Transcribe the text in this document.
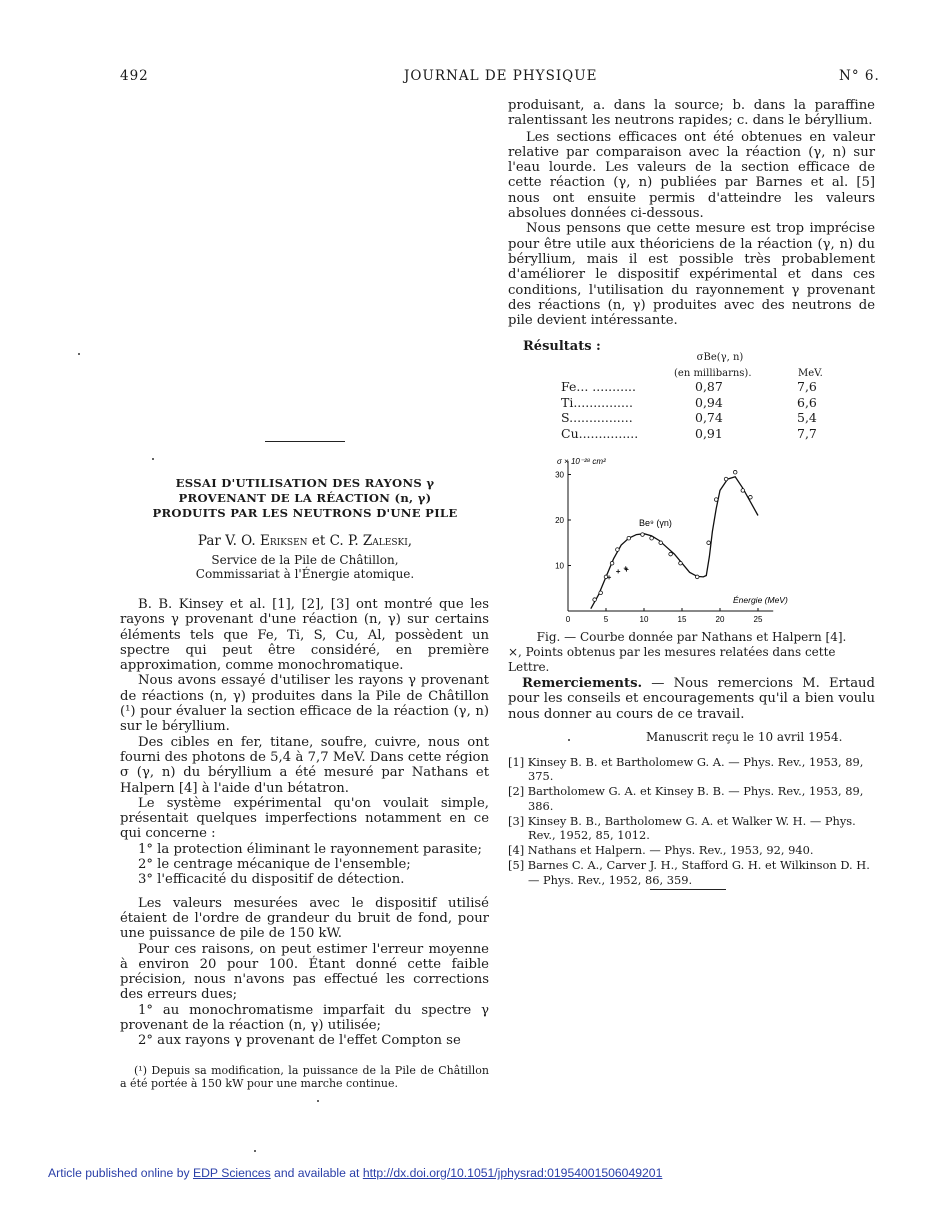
492	JOURNAL DE PHYSIQUE	N° 6.
ESSAI D'UTILISATION DES RAYONS γ
PROVENANT DE LA RÉACTION (n, γ)
PRODUITS PAR LES NEUTRONS D'UNE PILE
Par V. O. Eriksen et C. P. Zaleski,
Service de la Pile de Châtillon,
Commissariat à l'Énergie atomique.

B. B. Kinsey et al. [1], [2], [3] ont montré que les rayons γ provenant d'une réaction (n, γ) sur certains éléments tels que Fe, Ti, S, Cu, Al, possèdent un spectre qui peut être considéré, en première approximation, comme monochromatique.

Nous avons essayé d'utiliser les rayons γ provenant de réactions (n, γ) produites dans la Pile de Châtillon (¹) pour évaluer la section efficace de la réaction (γ, n) sur le béryllium.

Des cibles en fer, titane, soufre, cuivre, nous ont fourni des photons de 5,4 à 7,7 MeV. Dans cette région σ (γ, n) du béryllium a été mesuré par Nathans et Halpern [4] à l'aide d'un bétatron.

Le système expérimental qu'on voulait simple, présentait quelques imperfections notamment en ce qui concerne :

1° la protection éliminant le rayonnement parasite;

2° le centrage mécanique de l'ensemble;

3° l'efficacité du dispositif de détection.

Les valeurs mesurées avec le dispositif utilisé étaient de l'ordre de grandeur du bruit de fond, pour une puissance de pile de 150 kW.

Pour ces raisons, on peut estimer l'erreur moyenne à environ 20 pour 100. Étant donné cette faible précision, nous n'avons pas effectué les corrections des erreurs dues;

1° au monochromatisme imparfait du spectre γ provenant de la réaction (n, γ) utilisée;

2° aux rayons γ provenant de l'effet Compton se

(¹) Depuis sa modification, la puissance de la Pile de Châtillon a été portée à 150 kW pour une marche continue.

produisant, a. dans la source; b. dans la paraffine ralentissant les neutrons rapides; c. dans le béryllium.

Les sections efficaces ont été obtenues en valeur relative par comparaison avec la réaction (γ, n) sur l'eau lourde. Les valeurs de la section efficace de cette réaction (γ, n) publiées par Barnes et al. [5] nous ont ensuite permis d'atteindre les valeurs absolues données ci-dessous.

Nous pensons que cette mesure est trop imprécise pour être utile aux théoriciens de la réaction (γ, n) du béryllium, mais il est possible très probablement d'améliorer le dispositif expérimental et dans ces conditions, l'utilisation du rayonnement γ provenant des réactions (n, γ) produites avec des neutrons de pile devient intéressante.

Résultats :
σBe(γ, n)
(en millibarns).	MeV.
Fe... ...........	0,87	7,6
Ti...............	0,94	6,6
S................	0,74	5,4
Cu...............	0,91	7,7
0	5	10	15	20	25
10
20
30
σ × 10⁻²⁸ cm²
Énergie (MeV)
Be⁹ (γn)
Fig. — Courbe donnée par Nathans et Halpern [4].
×, Points obtenus par les mesures relatées dans cette Lettre.
Remerciements. — Nous remercions M. Ertaud pour les conseils et encouragements qu'il a bien voulu nous donner au cours de ce travail.
Manuscrit reçu le 10 avril 1954.
[1] Kinsey B. B. et Bartholomew G. A. — Phys. Rev., 1953, 89, 375.
[2] Bartholomew G. A. et Kinsey B. B. — Phys. Rev., 1953, 89, 386.
[3] Kinsey B. B., Bartholomew G. A. et Walker W. H. — Phys. Rev., 1952, 85, 1012.
[4] Nathans et Halpern. — Phys. Rev., 1953, 92, 940.
[5] Barnes C. A., Carver J. H., Stafford G. H. et Wilkinson D. H. — Phys. Rev., 1952, 86, 359.
Article published online by EDP Sciences and available at http://dx.doi.org/10.1051/jphysrad:01954001506049201
